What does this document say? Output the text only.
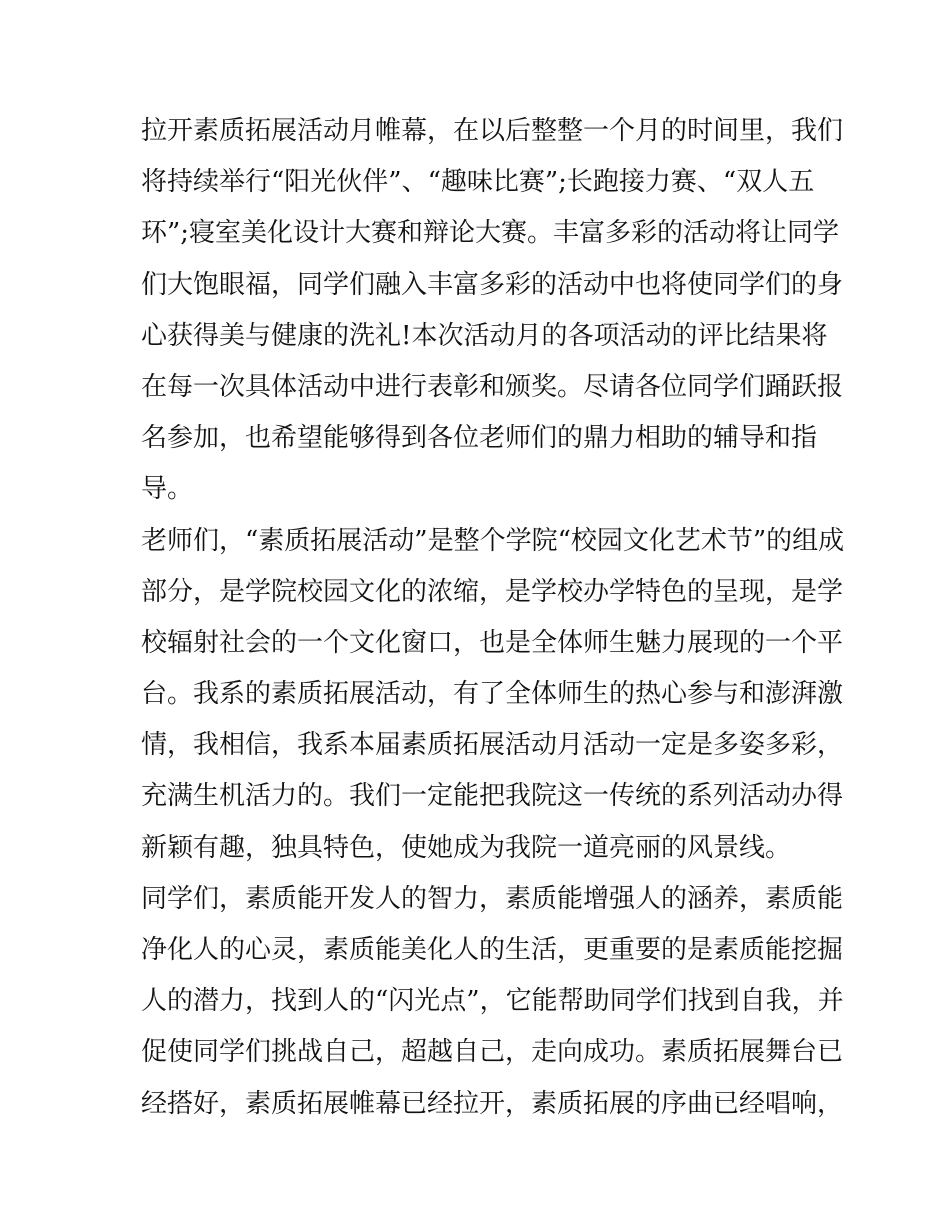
拉开素质拓展活动月帷幕，在以后整整一个月的时间里，我们
将持续举行“阳光伙伴”、“趣味比赛”;长跑接力赛、“双人五
环”;寝室美化设计大赛和辩论大赛。丰富多彩的活动将让同学
们大饱眼福，同学们融入丰富多彩的活动中也将使同学们的身
心获得美与健康的洗礼!本次活动月的各项活动的评比结果将
在每一次具体活动中进行表彰和颁奖。尽请各位同学们踊跃报
名参加，也希望能够得到各位老师们的鼎力相助的辅导和指
导。
老师们，“素质拓展活动”是整个学院“校园文化艺术节”的组成
部分，是学院校园文化的浓缩，是学校办学特色的呈现，是学
校辐射社会的一个文化窗口，也是全体师生魅力展现的一个平
台。我系的素质拓展活动，有了全体师生的热心参与和澎湃激
情，我相信，我系本届素质拓展活动月活动一定是多姿多彩，
充满生机活力的。我们一定能把我院这一传统的系列活动办得
新颖有趣，独具特色，使她成为我院一道亮丽的风景线。
同学们，素质能开发人的智力，素质能增强人的涵养，素质能
净化人的心灵，素质能美化人的生活，更重要的是素质能挖掘
人的潜力，找到人的“闪光点”，它能帮助同学们找到自我，并
促使同学们挑战自己，超越自己，走向成功。素质拓展舞台已
经搭好，素质拓展帷幕已经拉开，素质拓展的序曲已经唱响，
